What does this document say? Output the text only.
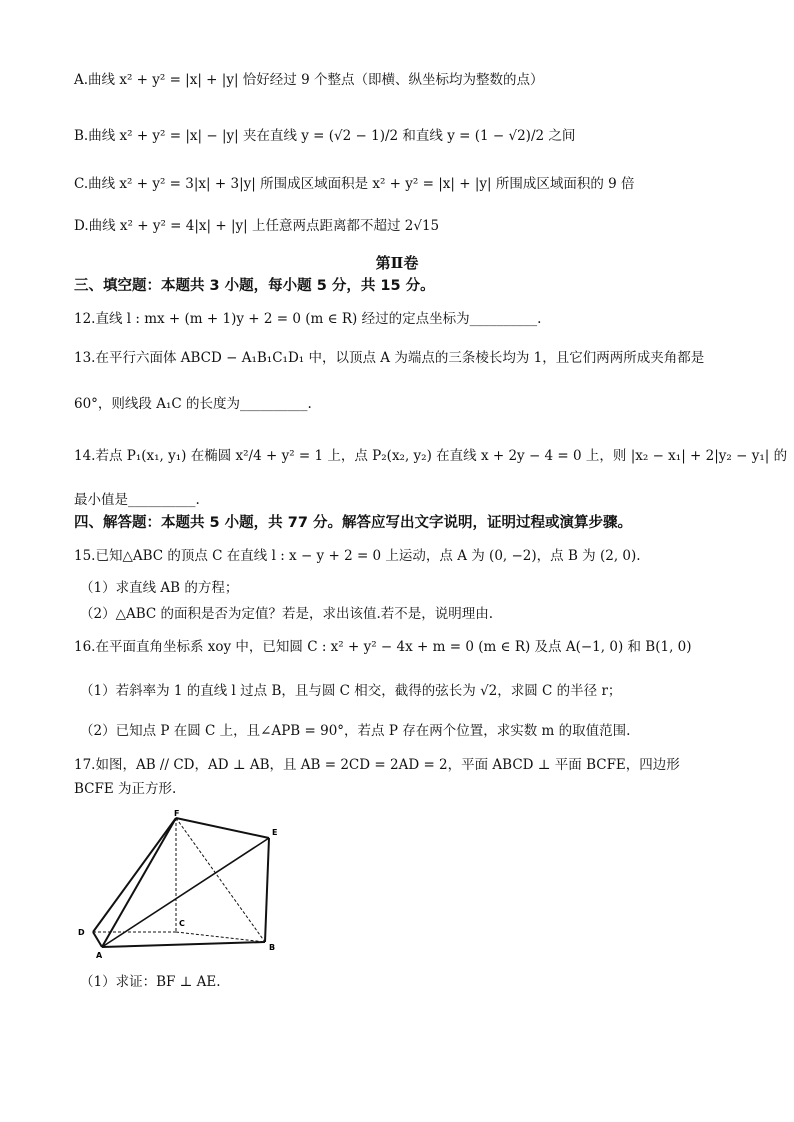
A.曲线 x² + y² = |x| + |y| 恰好经过 9 个整点（即横、纵坐标均为整数的点）
B.曲线 x² + y² = |x| − |y| 夹在直线 y = (√2 − 1)/2 和直线 y = (1 − √2)/2 之间
C.曲线 x² + y² = 3|x| + 3|y| 所围成区域面积是 x² + y² = |x| + |y| 所围成区域面积的 9 倍
D.曲线 x² + y² = 4|x| + |y| 上任意两点距离都不超过 2√15
第Ⅱ卷
三、填空题：本题共 3 小题，每小题 5 分，共 15 分。
12.直线 l : mx + (m + 1)y + 2 = 0 (m ∈ R) 经过的定点坐标为__________.
13.在平行六面体 ABCD − A₁B₁C₁D₁ 中，以顶点 A 为端点的三条棱长均为 1，且它们两两所成夹角都是
60°，则线段 A₁C 的长度为__________.
14.若点 P₁(x₁, y₁) 在椭圆 x²/4 + y² = 1 上，点 P₂(x₂, y₂) 在直线 x + 2y − 4 = 0 上，则 |x₂ − x₁| + 2|y₂ − y₁| 的
最小值是__________.
四、解答题：本题共 5 小题，共 77 分。解答应写出文字说明，证明过程或演算步骤。
15.已知△ABC 的顶点 C 在直线 l : x − y + 2 = 0 上运动，点 A 为 (0, −2)，点 B 为 (2, 0).
（1）求直线 AB 的方程；
（2）△ABC 的面积是否为定值？若是，求出该值.若不是，说明理由.
16.在平面直角坐标系 xoy 中，已知圆 C : x² + y² − 4x + m = 0 (m ∈ R) 及点 A(−1, 0) 和 B(1, 0)
（1）若斜率为 1 的直线 l 过点 B，且与圆 C 相交，截得的弦长为 √2，求圆 C 的半径 r；
（2）已知点 P 在圆 C 上，且∠APB = 90°，若点 P 存在两个位置，求实数 m 的取值范围.
17.如图，AB // CD，AD ⊥ AB，且 AB = 2CD = 2AD = 2，平面 ABCD ⊥ 平面 BCFE，四边形
BCFE 为正方形.
F
E
D
C
A
B
（1）求证：BF ⊥ AE.
